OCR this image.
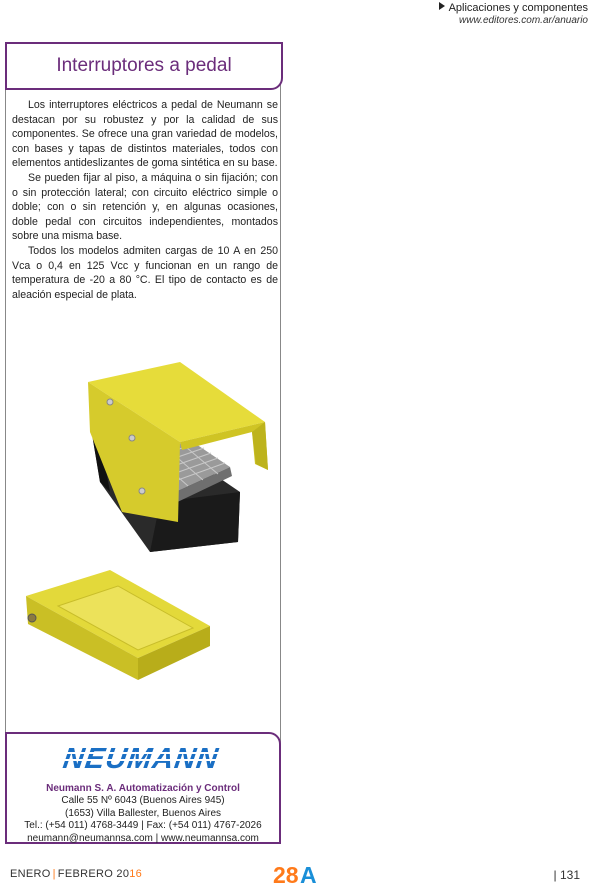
Aplicaciones y componentes
www.editores.com.ar/anuario
Interruptores a pedal

Los interruptores eléctricos a pedal de Neumann se destacan por su robustez y por la calidad de sus componentes. Se ofrece una gran variedad de modelos, con bases y tapas de distintos materiales, todos con elementos antideslizantes de goma sintética en su base.

Se pueden fijar al piso, a máquina o sin fijación; con o sin protección lateral; con circuito eléctrico simple o doble; con o sin retención y, en algunas ocasiones, doble pedal con circuitos independientes, montados sobre una misma base.

Todos los modelos admiten cargas de 10 A en 250 Vca o 0,4 en 125 Vcc y funcionan en un rango de temperatura de -20 a 80 °C. El tipo de contacto es de aleación especial de plata.

NEUMANN
Neumann S. A. Automatización y Control
Calle 55 Nº 6043 (Buenos Aires 945)
(1653) Villa Ballester, Buenos Aires
Tel.: (+54 011) 4768-3449 | Fax: (+54 011) 4767-2026
neumann@neumannsa.com | www.neumannsa.com
ENERO | FEBRERO 2016	28 A	| 131
